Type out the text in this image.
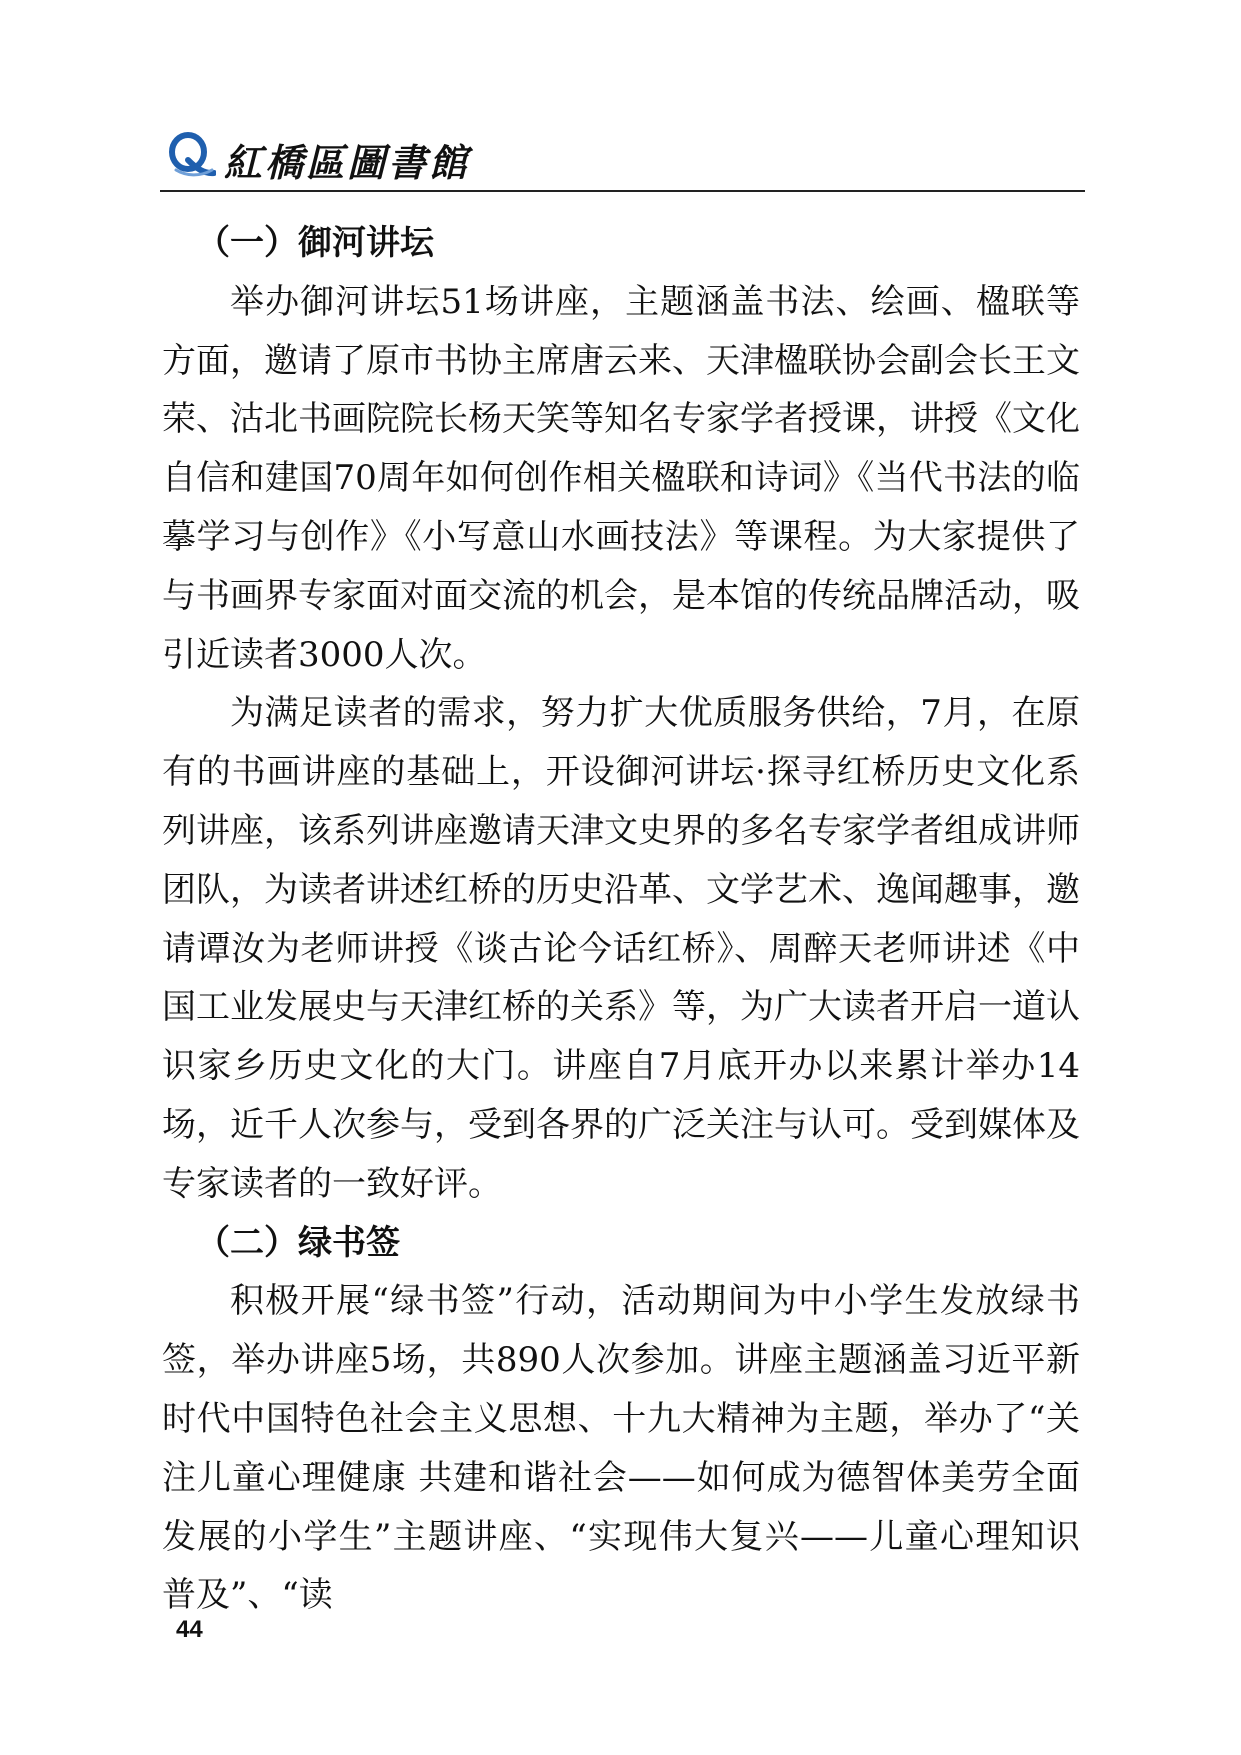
紅橋區圖書館
（一）御河讲坛

举办御河讲坛51场讲座，主题涵盖书法、绘画、楹联等方面，邀请了原市书协主席唐云来、天津楹联协会副会长王文荣、沽北书画院院长杨天笑等知名专家学者授课，讲授《文化自信和建国70周年如何创作相关楹联和诗词》《当代书法的临摹学习与创作》《小写意山水画技法》等课程。为大家提供了与书画界专家面对面交流的机会，是本馆的传统品牌活动，吸引近读者3000人次。

为满足读者的需求，努力扩大优质服务供给，7月，在原有的书画讲座的基础上，开设御河讲坛·探寻红桥历史文化系列讲座，该系列讲座邀请天津文史界的多名专家学者组成讲师团队，为读者讲述红桥的历史沿革、文学艺术、逸闻趣事，邀请谭汝为老师讲授《谈古论今话红桥》、周醉天老师讲述《中国工业发展史与天津红桥的关系》等，为广大读者开启一道认识家乡历史文化的大门。讲座自7月底开办以来累计举办14场，近千人次参与，受到各界的广泛关注与认可。受到媒体及专家读者的一致好评。

（二）绿书签

积极开展“绿书签”行动，活动期间为中小学生发放绿书签，举办讲座5场，共890人次参加。讲座主题涵盖习近平新时代中国特色社会主义思想、十九大精神为主题，举办了“关注儿童心理健康 共建和谐社会——如何成为德智体美劳全面发展的小学生”主题讲座、“实现伟大复兴——儿童心理知识普及”、“读

44
